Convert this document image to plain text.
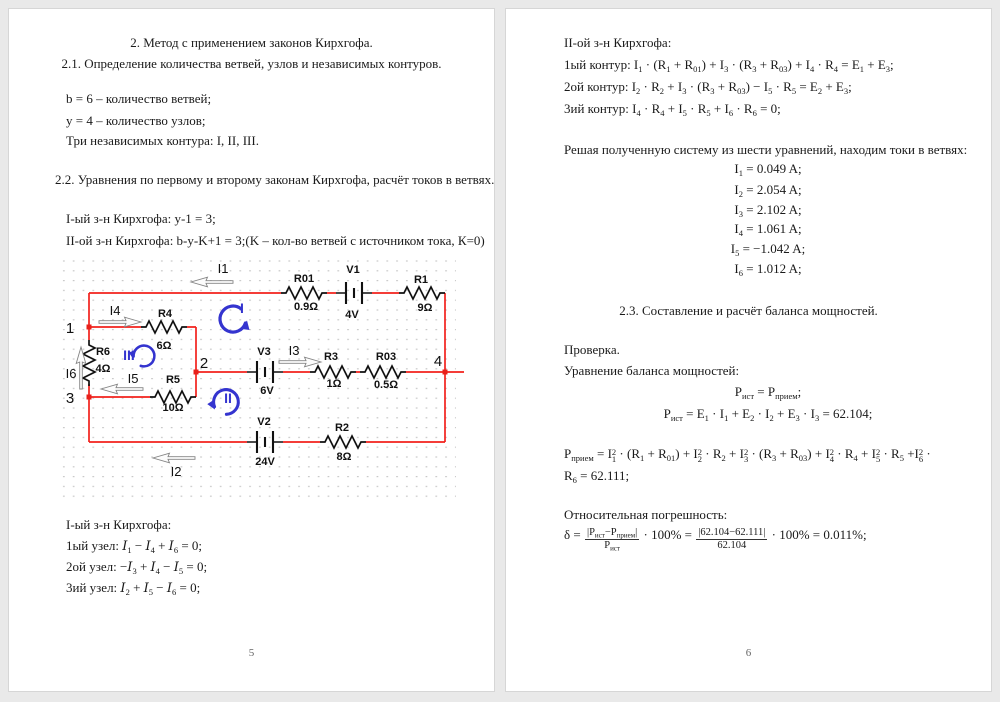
2. Метод с применением законов Кирхгофа.
2.1. Определение количества ветвей, узлов и независимых контуров.
b = 6 – количество ветвей;
y = 4 – количество узлов;
Три независимых контура: I, II, III.
2.2. Уравнения по первому и второму законам Кирхгофа, расчёт токов в ветвях.
I-ый з-н Кирхгофа: y-1 = 3;
II-ой з-н Кирхгофа: b-y-K+1 = 3;(K – кол-во ветвей с источником тока, К=0)
R01
0.9Ω
V1
4V
R1
9Ω
R4
6Ω
R6
4Ω
R5
10Ω
V3
6V
R3
1Ω
R03
0.5Ω
V2
24V
R2
8Ω
I1
I2
I3
I4
I5
I6
1
2
3
4
I
II
III
I-ый з-н Кирхгофа:
1ый узел: $I_1 - I_4 + I_6 = 0$;
2ой узел: $-I_3 + I_4 - I_5 = 0$;
3ий узел: $I_2 + I_5 - I_6 = 0$;
5
II-ой з-н Кирхгофа:
1ый контур: $I_1 \cdot (R_1 + R_{01}) + I_3 \cdot (R_3 + R_{03}) + I_4 \cdot R_4 = E_1 + E_3$;
2ой контур: $I_2 \cdot R_2 + I_3 \cdot (R_3 + R_{03}) - I_5 \cdot R_5 = E_2 + E_3$;
3ий контур: $I_4 \cdot R_4 + I_5 \cdot R_5 + I_6 \cdot R_6 = 0$;
Решая полученную систему из шести уравнений, находим токи в ветвях:
$I_1 = 0.049$ A;
$I_2 = 2.054$ A;
$I_3 = 2.102$ A;
$I_4 = 1.061$ A;
$I_5 = -1.042$ A;
$I_6 = 1.012$ A;
2.3. Составление и расчёт баланса мощностей.
Проверка.
Уравнение баланса мощностей:
$P_{ист} = P_{прием}$;
$P_{ист} = E_1 \cdot I_1 + E_2 \cdot I_2 + E_3 \cdot I_3 = 62.104$;
$P_{прием} = I$ 2
$1 \cdot (R_1 + R_{01}) + I$ 2
$2 \cdot R_2 + I$ 2
$3 \cdot (R_3 + R_{03}) + I$ 2
$4 \cdot R_4 + I$ 2
$5 \cdot R_5 +I$ 2
6 ·
$R_6 = 62.111$;
Относительная погрешность:
$\delta = \frac{|P_{ист}-P_{прием}|}{P_{ист}} \cdot 100\% = \frac{|62.104-62.111|}{62.104} \cdot 100\% = 0.011\%$;
6
